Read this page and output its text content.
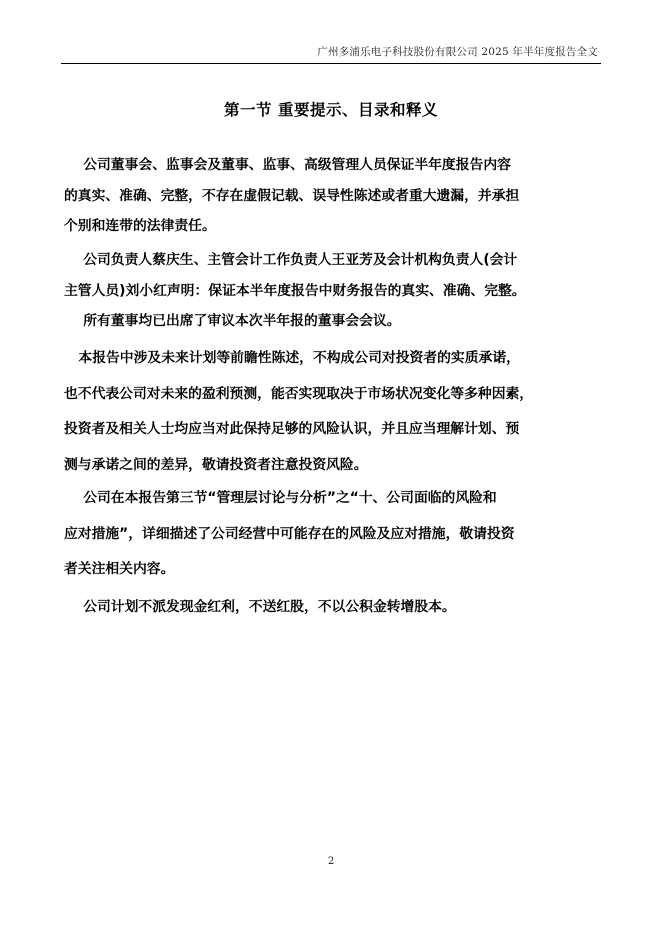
广州多浦乐电子科技股份有限公司 2025 年半年度报告全文
第一节 重要提示、目录和释义
公司董事会、监事会及董事、监事、高级管理人员保证半年度报告内容
的真实、准确、完整，不存在虚假记载、误导性陈述或者重大遗漏，并承担
个别和连带的法律责任。
公司负责人蔡庆生、主管会计工作负责人王亚芳及会计机构负责人(会计
主管人员)刘小红声明：保证本半年度报告中财务报告的真实、准确、完整。
所有董事均已出席了审议本次半年报的董事会会议。
本报告中涉及未来计划等前瞻性陈述，不构成公司对投资者的实质承诺，
也不代表公司对未来的盈利预测，能否实现取决于市场状况变化等多种因素，
投资者及相关人士均应当对此保持足够的风险认识，并且应当理解计划、预
测与承诺之间的差异，敬请投资者注意投资风险。
公司在本报告第三节“管理层讨论与分析”之“十、公司面临的风险和
应对措施”，详细描述了公司经营中可能存在的风险及应对措施，敬请投资
者关注相关内容。
公司计划不派发现金红利，不送红股，不以公积金转增股本。
2
